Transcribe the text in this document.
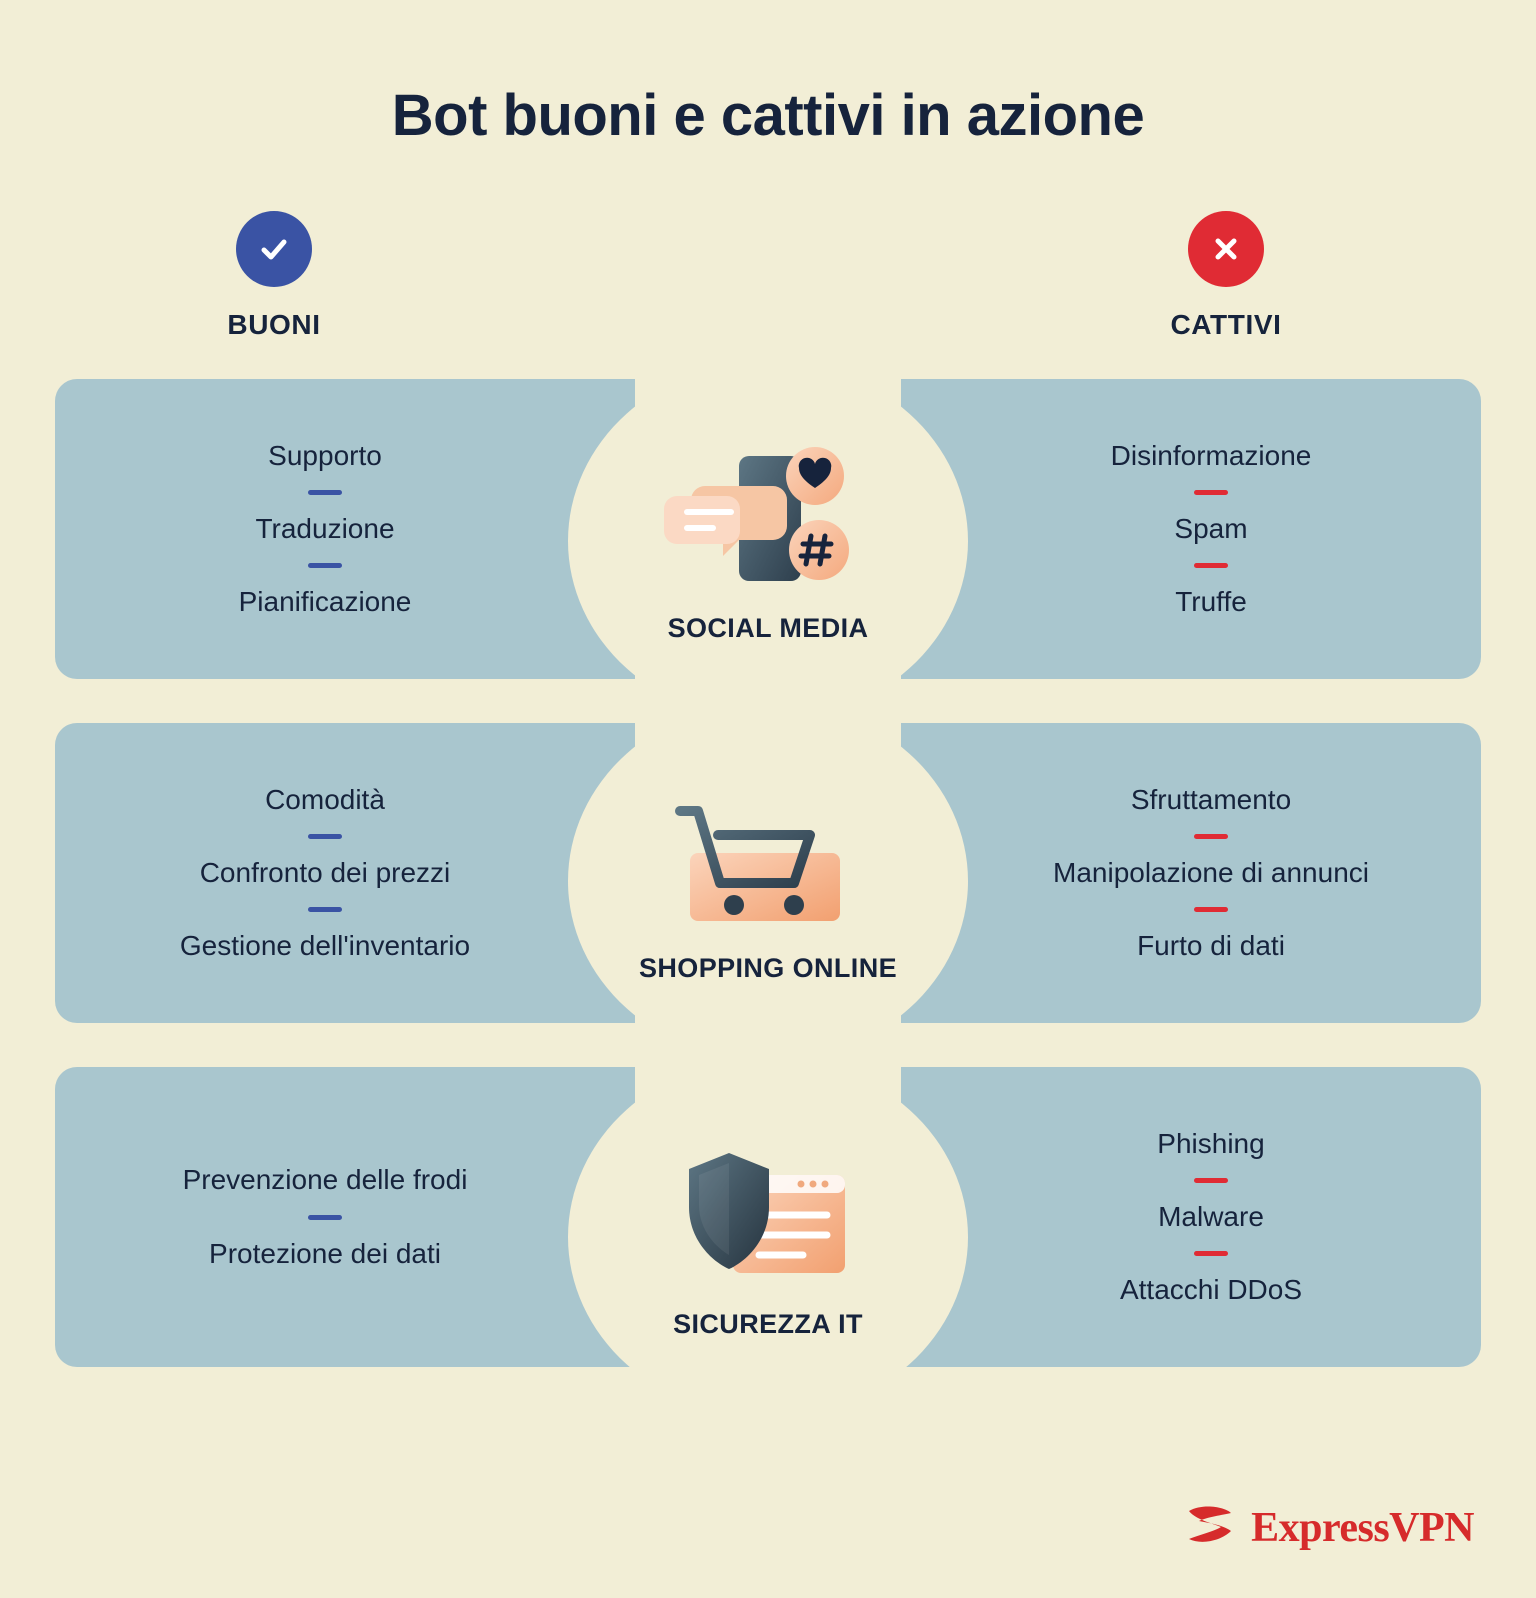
Bot buoni e cattivi in azione
BUONI	CATTIVI
Supporto
Traduzione
Pianificazione
Disinformazione
Spam
Truffe
SOCIAL MEDIA
Comodità
Confronto dei prezzi
Gestione dell'inventario
Sfruttamento
Manipolazione di annunci
Furto di dati
SHOPPING ONLINE
Prevenzione delle frodi
Protezione dei dati
Phishing
Malware
Attacchi DDoS
SICUREZZA IT
ExpressVPN
